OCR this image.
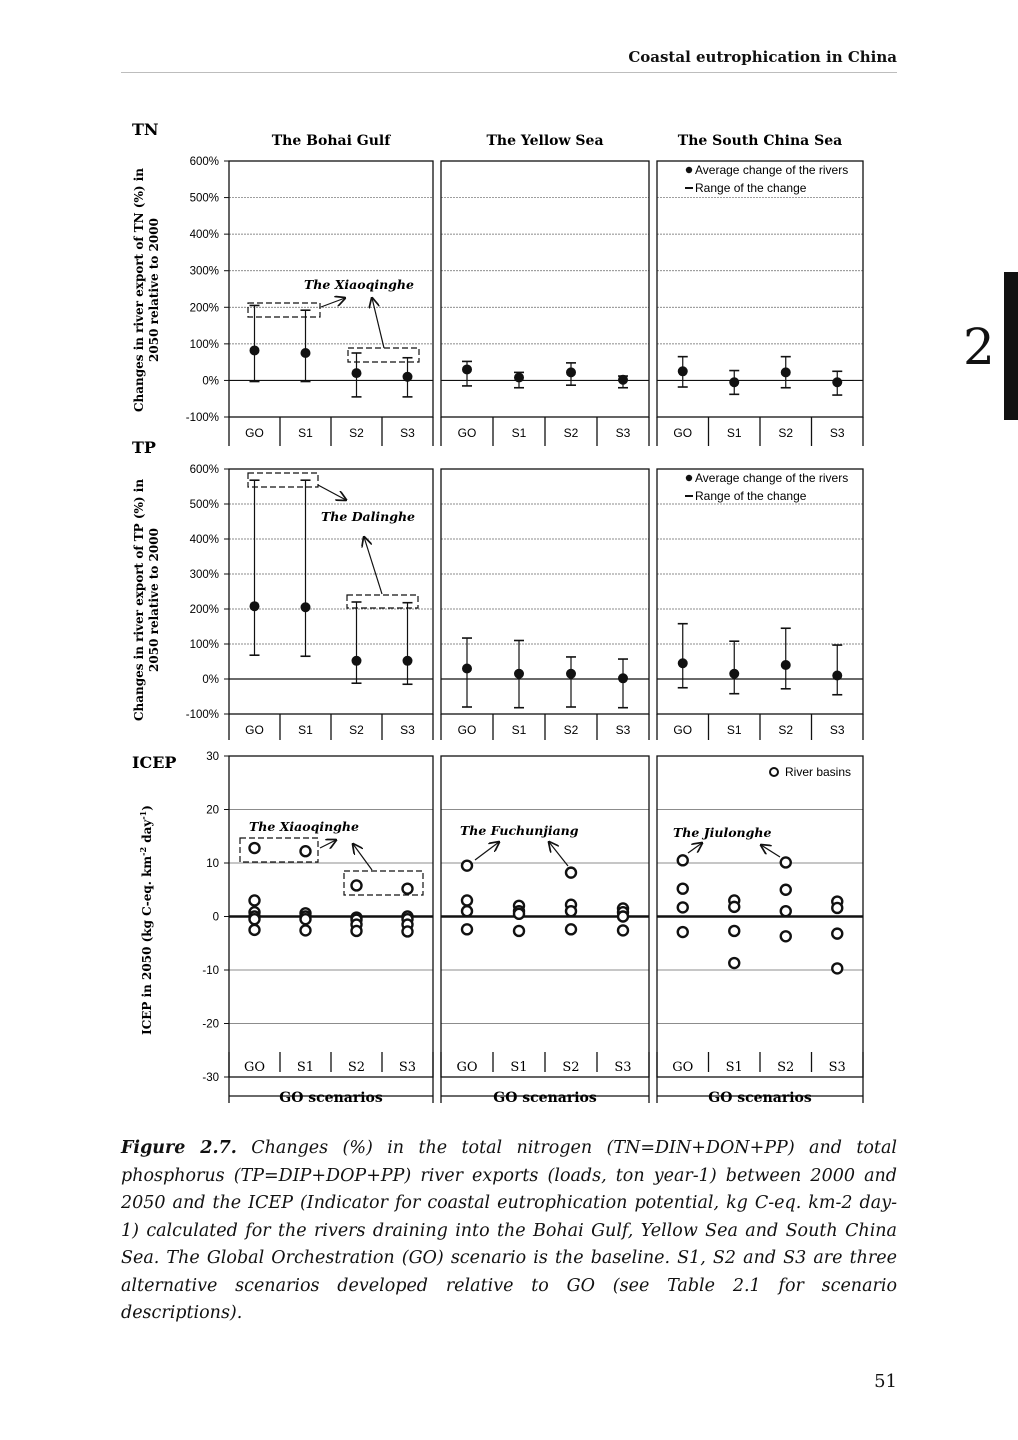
Coastal eutrophication in China
2
The Bohai Gulf	The Yellow Sea	The South China Sea
TN
Changes in river export of TN (%) in2050 relative to 2000
-100%
0%
100%
200%
300%
400%
500%
600%
GO	S1	S2	S3	GO	S1	S2	S3	GO	S1	S2	S3
Average change of the rivers
Range of the change
TP
Changes in river export of TP (%) in2050 relative to 2000
-100%
0%
100%
200%
300%
400%
500%
600%
GO	S1	S2	S3	GO	S1	S2	S3	GO	S1	S2	S3
Average change of the rivers
Range of the change
ICEP
ICEP in 2050 (kg C-eq. $km^{-2}$ day$^{-1}$)
-30
-20
-10
0
10
20
30
GO S1	S2	S3
GO scenarios
GO	S1	S2	S3
GO scenarios
GO S1	S2	S3
GO scenarios
River basins
The Xiaoqinghe
The Dalinghe
The Xiaoqinghe	The Fuchunjiang	The Jiulonghe
Figure 2.7. Changes (%) in the total nitrogen (TN=DIN+DON+PP) and total phosphorus (TP=DIP+DOP+PP) river exports (loads, ton year-1) between 2000 and 2050 and the ICEP (Indicator for coastal eutrophication potential, kg C-eq. km-2 day-1) calculated for the rivers draining into the Bohai Gulf, Yellow Sea and South China Sea. The Global Orchestration (GO) scenario is the baseline. S1, S2 and S3 are three alternative scenarios developed relative to GO (see Table 2.1 for scenario descriptions).
51
